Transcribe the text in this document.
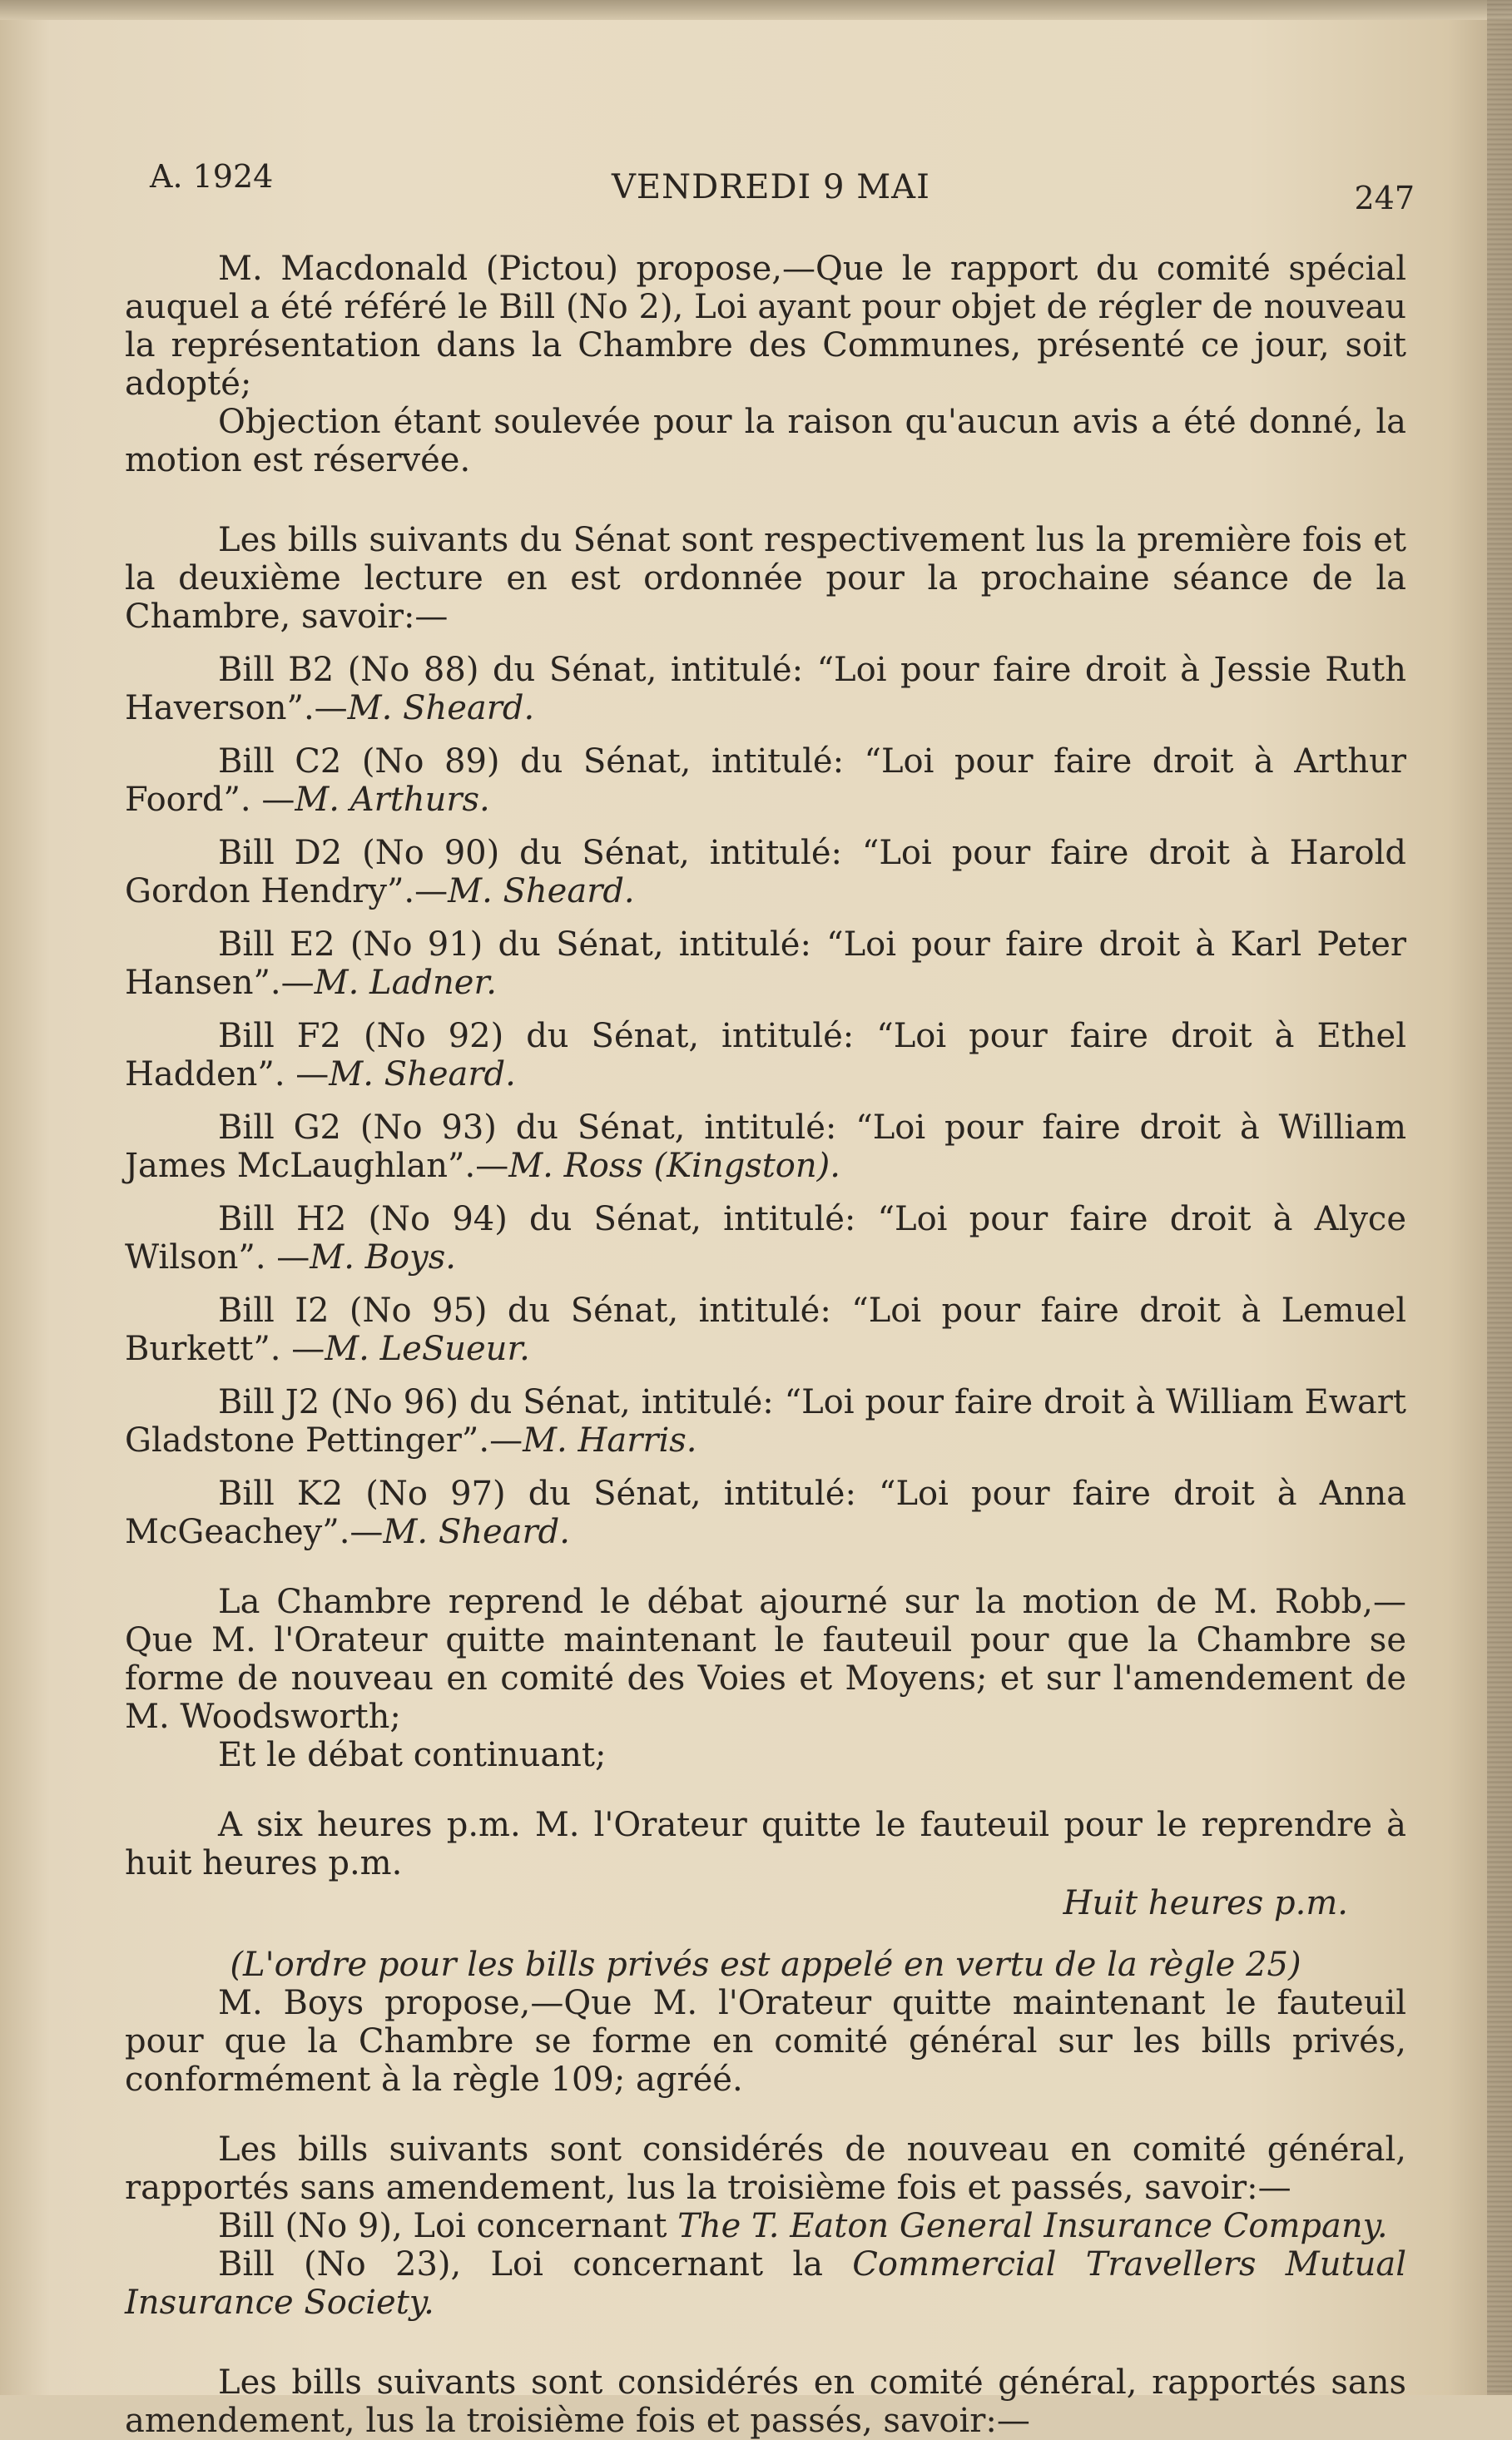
A. 1924	VENDREDI 9 MAI	247

M. Macdonald (Pictou) propose,—Que le rapport du comité spécial auquel a été référé le Bill (No 2), Loi ayant pour objet de régler de nouveau la représentation dans la Chambre des Communes, présenté ce jour, soit adopté;

Objection étant soulevée pour la raison qu'aucun avis a été donné, la motion est réservée.

Les bills suivants du Sénat sont respectivement lus la première fois et la deuxième lecture en est ordonnée pour la prochaine séance de la Chambre, savoir:—

Bill B2 (No 88) du Sénat, intitulé: “Loi pour faire droit à Jessie Ruth Haverson”.—M. Sheard.

Bill C2 (No 89) du Sénat, intitulé: “Loi pour faire droit à Arthur Foord”. —M. Arthurs.

Bill D2 (No 90) du Sénat, intitulé: “Loi pour faire droit à Harold Gordon Hendry”.—M. Sheard.

Bill E2 (No 91) du Sénat, intitulé: “Loi pour faire droit à Karl Peter Hansen”.—M. Ladner.

Bill F2 (No 92) du Sénat, intitulé: “Loi pour faire droit à Ethel Hadden”. —M. Sheard.

Bill G2 (No 93) du Sénat, intitulé: “Loi pour faire droit à William James McLaughlan”.—M. Ross (Kingston).

Bill H2 (No 94) du Sénat, intitulé: “Loi pour faire droit à Alyce Wilson”. —M. Boys.

Bill I2 (No 95) du Sénat, intitulé: “Loi pour faire droit à Lemuel Burkett”. —M. LeSueur.

Bill J2 (No 96) du Sénat, intitulé: “Loi pour faire droit à William Ewart Gladstone Pettinger”.—M. Harris.

Bill K2 (No 97) du Sénat, intitulé: “Loi pour faire droit à Anna McGeachey”.—M. Sheard.

La Chambre reprend le débat ajourné sur la motion de M. Robb,—Que M. l'Orateur quitte maintenant le fauteuil pour que la Chambre se forme de nouveau en comité des Voies et Moyens; et sur l'amendement de M. Woodsworth;

Et le débat continuant;

A six heures p.m. M. l'Orateur quitte le fauteuil pour le reprendre à huit heures p.m.

Huit heures p.m.

(L'ordre pour les bills privés est appelé en vertu de la règle 25)

M. Boys propose,—Que M. l'Orateur quitte maintenant le fauteuil pour que la Chambre se forme en comité général sur les bills privés, conformément à la règle 109; agréé.

Les bills suivants sont considérés de nouveau en comité général, rapportés sans amendement, lus la troisième fois et passés, savoir:—

Bill (No 9), Loi concernant The T. Eaton General Insurance Company.

Bill (No 23), Loi concernant la Commercial Travellers Mutual Insurance Society.

Les bills suivants sont considérés en comité général, rapportés sans amendement, lus la troisième fois et passés, savoir:—
